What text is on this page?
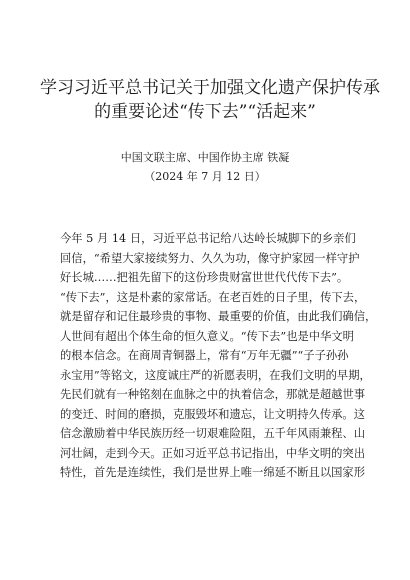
学习习近平总书记关于加强文化遗产保护传承
的重要论述“传下去”“活起来”

中国文联主席、中国作协主席 铁凝

（2024 年 7 月 12 日）

今年 5 月 14 日，习近平总书记给八达岭长城脚下的乡亲们
回信，“希望大家接续努力、久久为功，像守护家园一样守护
好长城……把祖先留下的这份珍贵财富世世代代传下去”。
“传下去”，这是朴素的家常话。在老百姓的日子里，传下去，
就是留存和记住最珍贵的事物、最重要的价值，由此我们确信，
人世间有超出个体生命的恒久意义。“传下去”也是中华文明
的根本信念。在商周青铜器上，常有“万年无疆”“子子孙孙
永宝用”等铭文，这度诚庄严的祈愿表明，在我们文明的早期，
先民们就有一种铭刻在血脉之中的执着信念，那就是超越世事
的变迁、时间的磨损，克服毁坏和遗忘，让文明持久传承。这
信念激励着中华民族历经一切艰难险阻，五千年风雨兼程、山
河壮阔，走到今天。正如习近平总书记指出，中华文明的突出
特性，首先是连续性，我们是世界上唯一绵延不断且以国家形
